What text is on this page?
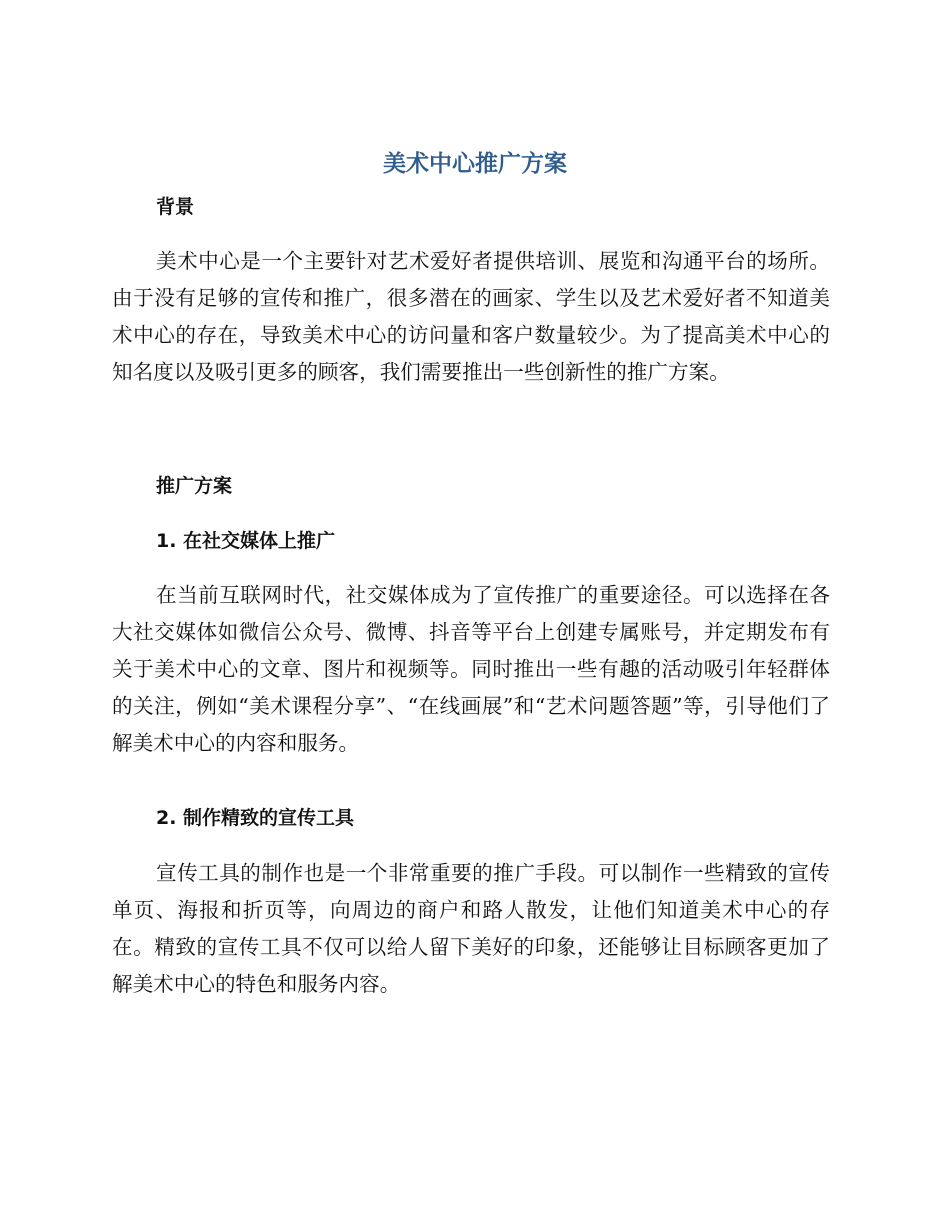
美术中心推广方案
背景

美术中心是一个主要针对艺术爱好者提供培训、展览和沟通平台的场所。由于没有足够的宣传和推广，很多潜在的画家、学生以及艺术爱好者不知道美术中心的存在，导致美术中心的访问量和客户数量较少。为了提高美术中心的知名度以及吸引更多的顾客，我们需要推出一些创新性的推广方案。

推广方案
1. 在社交媒体上推广

在当前互联网时代，社交媒体成为了宣传推广的重要途径。可以选择在各大社交媒体如微信公众号、微博、抖音等平台上创建专属账号，并定期发布有关于美术中心的文章、图片和视频等。同时推出一些有趣的活动吸引年轻群体的关注，例如“美术课程分享”、“在线画展”和“艺术问题答题”等，引导他们了解美术中心的内容和服务。

2. 制作精致的宣传工具

宣传工具的制作也是一个非常重要的推广手段。可以制作一些精致的宣传单页、海报和折页等，向周边的商户和路人散发，让他们知道美术中心的存在。精致的宣传工具不仅可以给人留下美好的印象，还能够让目标顾客更加了解美术中心的特色和服务内容。
